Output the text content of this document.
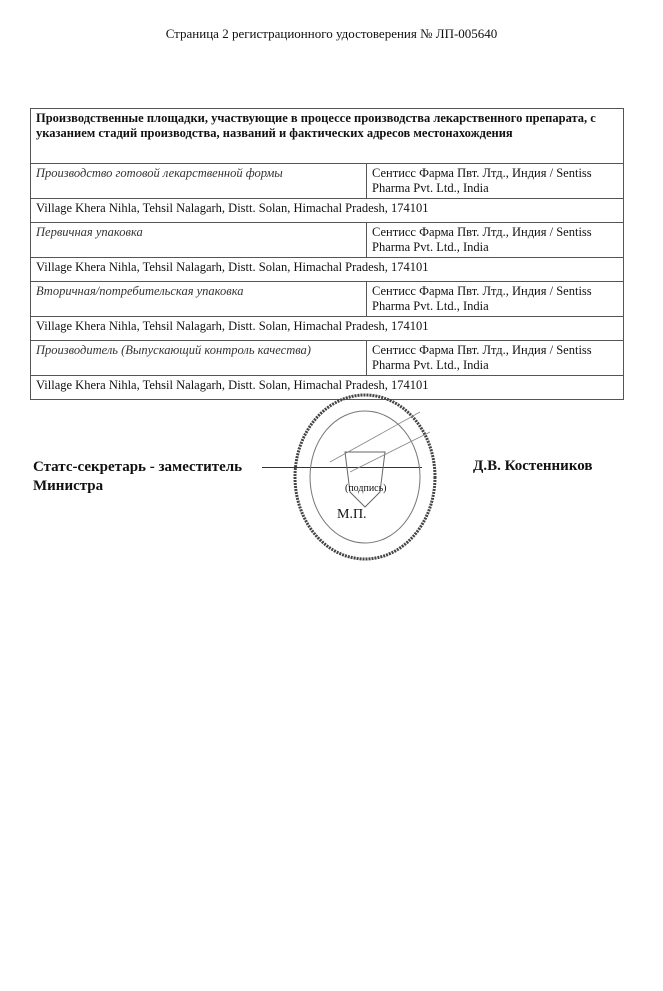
Страница 2 регистрационного удостоверения № ЛП-005640
Производственные площадки, участвующие в процессе производства лекарственного препарата, с указанием стадий производства, названий и фактических адресов местонахождения	
Производство готовой лекарственной формы	Сентисс Фарма Пвт. Лтд., Индия / Sentiss Pharma Pvt. Ltd., India
Village Khera Nihla, Tehsil Nalagarh, Distt. Solan, Himachal Pradesh, 174101	
Первичная упаковка	Сентисс Фарма Пвт. Лтд., Индия / Sentiss Pharma Pvt. Ltd., India
Village Khera Nihla, Tehsil Nalagarh, Distt. Solan, Himachal Pradesh, 174101	
Вторичная/потребительская упаковка	Сентисс Фарма Пвт. Лтд., Индия / Sentiss Pharma Pvt. Ltd., India
Village Khera Nihla, Tehsil Nalagarh, Distt. Solan, Himachal Pradesh, 174101	
Производитель (Выпускающий контроль качества)	Сентисс Фарма Пвт. Лтд., Индия / Sentiss Pharma Pvt. Ltd., India
Village Khera Nihla, Tehsil Nalagarh, Distt. Solan, Himachal Pradesh, 174101	
Статс-секретарь - заместитель
Министра	(подпись)
М.П.
Д.В. Костенников
